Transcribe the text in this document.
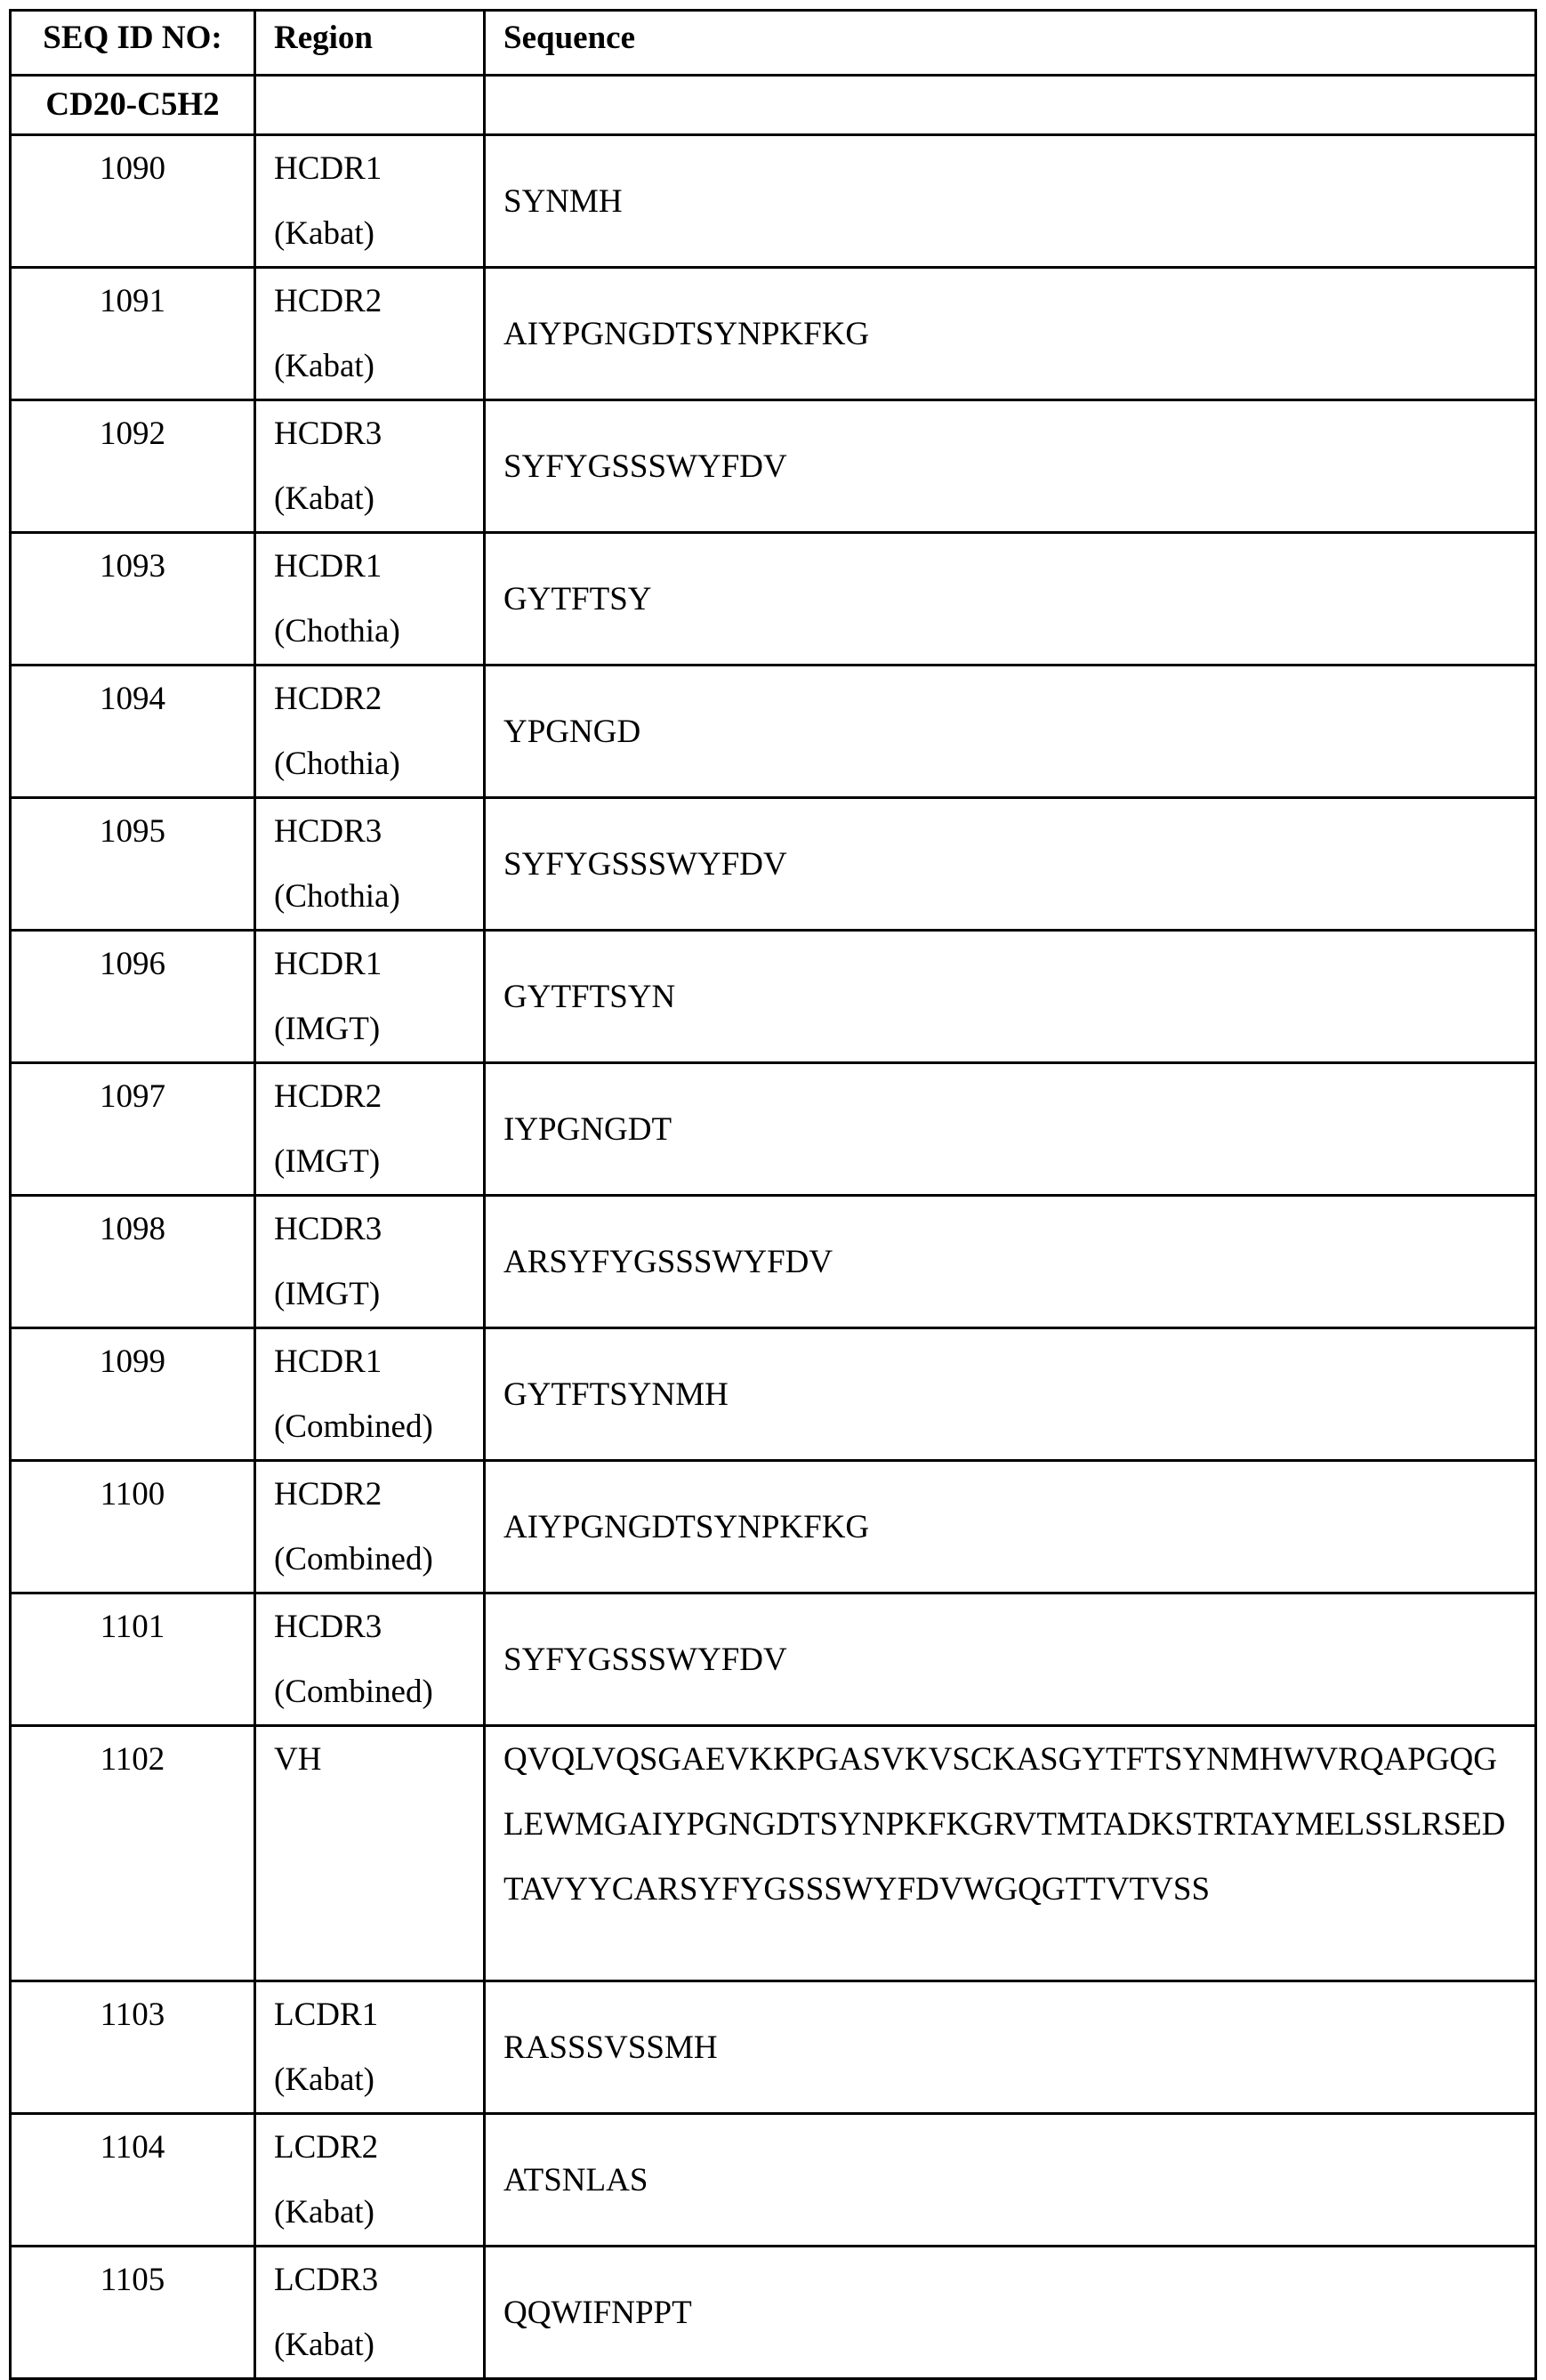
SEQ ID NO:	Region	Sequence
CD20-C5H2		
1090	HCDR1
(Kabat)	SYNMH
1091	HCDR2
(Kabat)	AIYPGNGDTSYNPKFKG
1092	HCDR3
(Kabat)	SYFYGSSSWYFDV
1093	HCDR1
(Chothia)	GYTFTSY
1094	HCDR2
(Chothia)	YPGNGD
1095	HCDR3
(Chothia)	SYFYGSSSWYFDV
1096	HCDR1
(IMGT)	GYTFTSYN
1097	HCDR2
(IMGT)	IYPGNGDT
1098	HCDR3
(IMGT)	ARSYFYGSSSWYFDV
1099	HCDR1
(Combined)	GYTFTSYNMH
1100	HCDR2
(Combined)	AIYPGNGDTSYNPKFKG
1101	HCDR3
(Combined)	SYFYGSSSWYFDV
1102	VH	QVQLVQSGAEVKKPGASVKVSCKASGYTFTSYNMHWVRQAPGQGLEWMGAIYPGNGDTSYNPKFKGRVTMTADKSTRTAYMELSSLRSEDTAVYYCARSYFYGSSSWYFDVWGQGTTVTVSS
1103	LCDR1
(Kabat)	RASSSVSSMH
1104	LCDR2
(Kabat)	ATSNLAS
1105	LCDR3
(Kabat)	QQWIFNPPT
